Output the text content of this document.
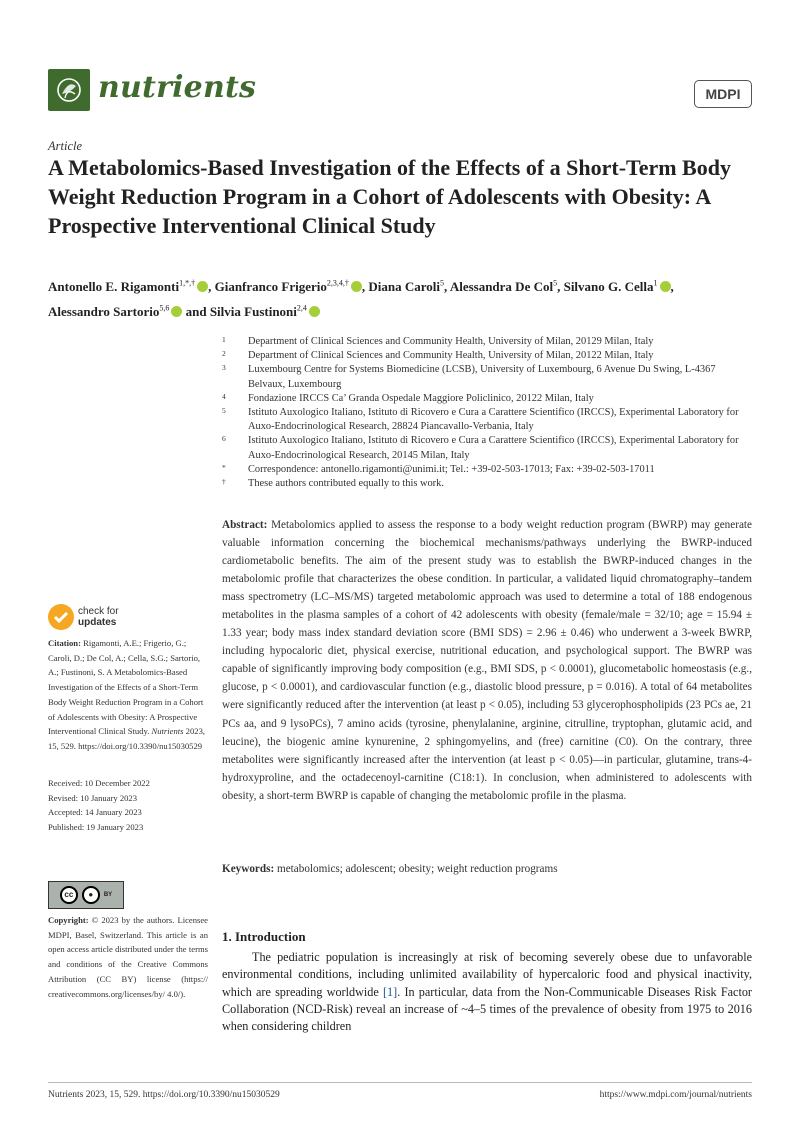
nutrients	MDPI
Article
A Metabolomics-Based Investigation of the Effects of a Short-Term Body Weight Reduction Program in a Cohort of Adolescents with Obesity: A Prospective Interventional Clinical Study
Antonello E. Rigamonti$^{1,*,\dagger}$ , Gianfranco Frigerio$^{2,3,4,\dagger}$ , Diana Caroli$^5$, Alessandra De Col$^5$, Silvano G. Cella$^1$ ,
Alessandro Sartorio$^{5,6}$ and Silvia Fustinoni$^{2,4}$
1 Department of Clinical Sciences and Community Health, University of Milan, 20129 Milan, Italy
2 Department of Clinical Sciences and Community Health, University of Milan, 20122 Milan, Italy
3 Luxembourg Centre for Systems Biomedicine (LCSB), University of Luxembourg, 6 Avenue Du Swing, L-4367 Belvaux, Luxembourg
4 Fondazione IRCCS Ca’ Granda Ospedale Maggiore Policlinico, 20122 Milan, Italy
5 Istituto Auxologico Italiano, Istituto di Ricovero e Cura a Carattere Scientifico (IRCCS), Experimental Laboratory for Auxo-Endocrinological Research, 28824 Piancavallo-Verbania, Italy
6 Istituto Auxologico Italiano, Istituto di Ricovero e Cura a Carattere Scientifico (IRCCS), Experimental Laboratory for Auxo-Endocrinological Research, 20145 Milan, Italy
* Correspondence: antonello.rigamonti@unimi.it; Tel.: +39-02-503-17013; Fax: +39-02-503-17011
† These authors contributed equally to this work.
check for
updates
Citation: Rigamonti, A.E.; Frigerio, G.; Caroli, D.; De Col, A.; Cella, S.G.; Sartorio, A.; Fustinoni, S. A Metabolomics-Based Investigation of the Effects of a Short-Term Body Weight Reduction Program in a Cohort of Adolescents with Obesity: A Prospective Interventional Clinical Study. Nutrients 2023, 15, 529. https://doi.org/10.3390/nu15030529
Received: 10 December 2022
Revised: 10 January 2023
Accepted: 14 January 2023
Published: 19 January 2023
cc	●	BY
Copyright: © 2023 by the authors. Licensee MDPI, Basel, Switzerland. This article is an open access article distributed under the terms and conditions of the Creative Commons Attribution (CC BY) license (https:// creativecommons.org/licenses/by/ 4.0/).
Abstract: Metabolomics applied to assess the response to a body weight reduction program (BWRP) may generate valuable information concerning the biochemical mechanisms/pathways underlying the BWRP-induced cardiometabolic benefits. The aim of the present study was to establish the BWRP-induced changes in the metabolomic profile that characterizes the obese condition. In particular, a validated liquid chromatography–tandem mass spectrometry (LC–MS/MS) targeted metabolomic approach was used to determine a total of 188 endogenous metabolites in the plasma samples of a cohort of 42 adolescents with obesity (female/male = 32/10; age = 15.94 ± 1.33 year; body mass index standard deviation score (BMI SDS) = 2.96 ± 0.46) who underwent a 3-week BWRP, including hypocaloric diet, physical exercise, nutritional education, and psychological support. The BWRP was capable of significantly improving body composition (e.g., BMI SDS, p < 0.0001), glucometabolic homeostasis (e.g., glucose, p < 0.0001), and cardiovascular function (e.g., diastolic blood pressure, p = 0.016). A total of 64 metabolites were significantly reduced after the intervention (at least p < 0.05), including 53 glycerophospholipids (23 PCs ae, 21 PCs aa, and 9 lysoPCs), 7 amino acids (tyrosine, phenylalanine, arginine, citrulline, tryptophan, glutamic acid, and leucine), the biogenic amine kynurenine, 2 sphingomyelins, and (free) carnitine (C0). On the contrary, three metabolites were significantly increased after the intervention (at least p < 0.05)—in particular, glutamine, trans-4-hydroxyproline, and the octadecenoyl-carnitine (C18:1). In conclusion, when administered to adolescents with obesity, a short-term BWRP is capable of changing the metabolomic profile in the plasma.
Keywords: metabolomics; adolescent; obesity; weight reduction programs
1. Introduction
The pediatric population is increasingly at risk of becoming severely obese due to unfavorable environmental conditions, including unlimited availability of hypercaloric food and physical inactivity, which are spreading worldwide [1]. In particular, data from the Non-Communicable Diseases Risk Factor Collaboration (NCD-Risk) reveal an increase of ~4–5 times of the prevalence of obesity from 1975 to 2016 when considering children
Nutrients 2023, 15, 529. https://doi.org/10.3390/nu15030529	https://www.mdpi.com/journal/nutrients
